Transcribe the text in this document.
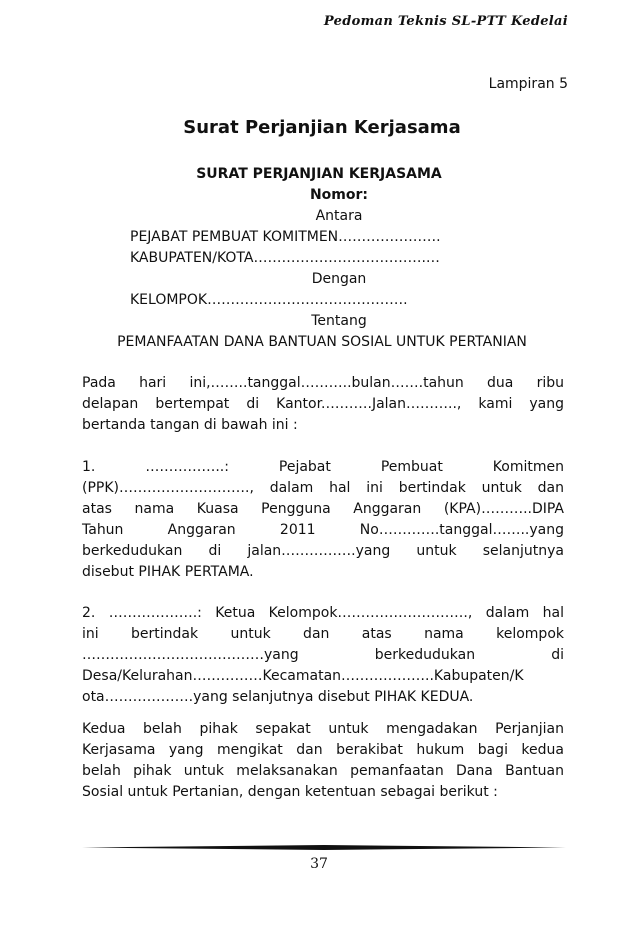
Pedoman Teknis SL-PTT Kedelai
Lampiran 5
Surat Perjanjian Kerjasama
SURAT PERJANJIAN KERJASAMA
Nomor:
Antara
PEJABAT PEMBUAT KOMITMEN………………….
KABUPATEN/KOTA……………………………….…
Dengan
KELOMPOK…………………………………….
Tentang
PEMANFAATAN DANA BANTUAN SOSIAL UNTUK PERTANIAN
Pada hari ini,……..tanggal………..bulan…….tahun dua ribu
delapan bertempat di Kantor.……….Jalan……….., kami yang
bertanda tangan di bawah ini :
1. ……………..: Pejabat Pembuat Komitmen
(PPK)………………………., dalam hal ini bertindak untuk dan
atas nama Kuasa Pengguna Anggaran (KPA)………..DIPA
Tahun Anggaran 2011 No………….tanggal……..yang
berkedudukan di jalan…………….yang untuk selanjutnya
disebut PIHAK PERTAMA.
2. ……………….: Ketua Kelompok………………………., dalam hal
ini bertindak untuk dan atas nama kelompok
…………………………………yang berkedudukan di
Desa/Kelurahan……………Kecamatan………………..Kabupaten/K
ota……………….yang selanjutnya disebut PIHAK KEDUA.
Kedua belah pihak sepakat untuk mengadakan Perjanjian
Kerjasama yang mengikat dan berakibat hukum bagi kedua
belah pihak untuk melaksanakan pemanfaatan Dana Bantuan
Sosial untuk Pertanian, dengan ketentuan sebagai berikut :
37
